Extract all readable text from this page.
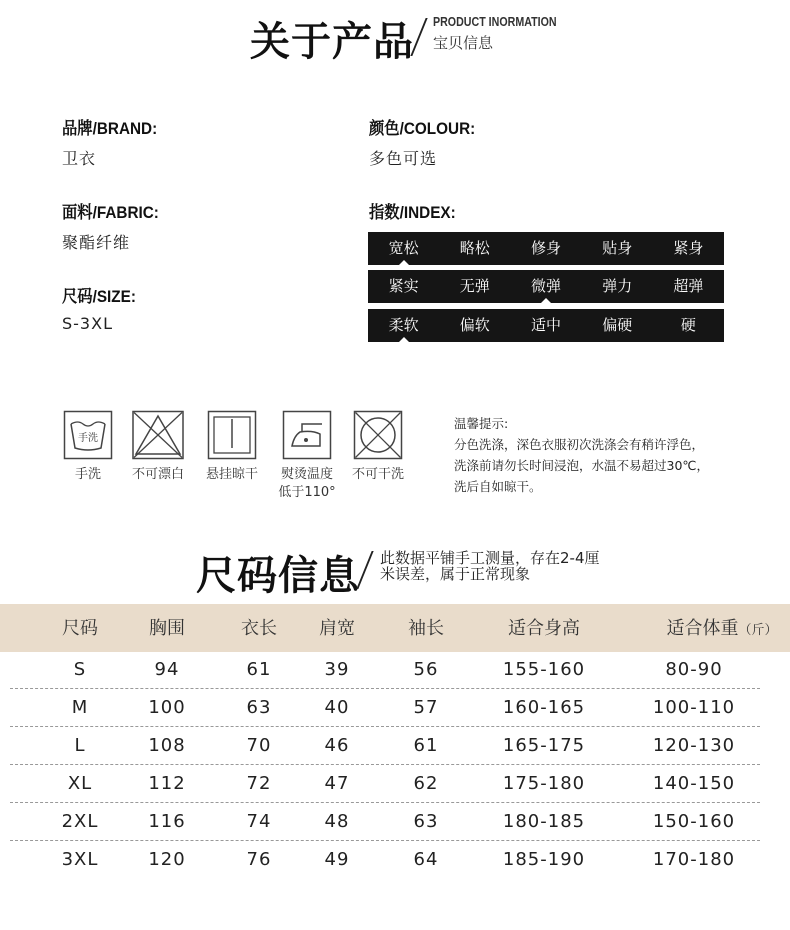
关于产品 PRODUCT INORMATION
宝贝信息
品牌/BRAND:
卫衣
颜色/COLOUR:
多色可选
面料/FABRIC:
聚酯纤维
指数/INDEX:
尺码/SIZE:
S-3XL
宽松	略松	修身	贴身	紧身
紧实	无弹	微弹	弹力	超弹
柔软	偏软	适中	偏硬	硬
手洗
手洗	不可漂白	悬挂晾干	熨烫温度
低于110°
不可干洗
温馨提示:
分色洗涤，深色衣服初次洗涤会有稍许浮色，
洗涤前请勿长时间浸泡，水温不易超过30℃，
洗后自如晾干。
尺码信息 此数据平铺手工测量，存在2-4厘
米误差，属于正常现象
尺码	胸围	衣长	肩宽	袖长	适合身高	适合体重（斤）
S	94	61	39	56	155-160	80-90
M	100	63	40	57	160-165	100-110
L	108	70	46	61	165-175	120-130
XL	112	72	47	62	175-180	140-150
2XL	116	74	48	63	180-185	150-160
3XL	120	76	49	64	185-190	170-180
